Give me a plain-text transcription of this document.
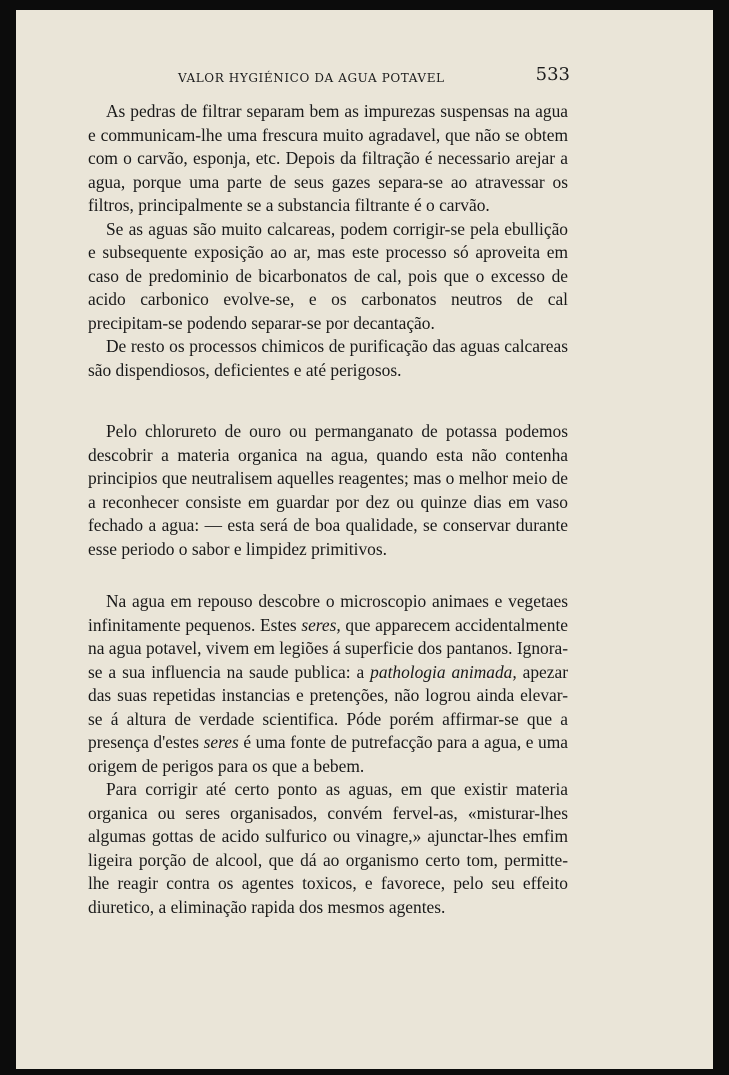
VALOR HYGIÉNICO DA AGUA POTAVEL	533

As pedras de filtrar separam bem as impurezas suspensas na agua e communicam-lhe uma frescura muito agradavel, que não se obtem com o carvão, esponja, etc. Depois da filtração é necessario arejar a agua, porque uma parte de seus gazes separa-se ao atravessar os filtros, principalmente se a substancia filtrante é o carvão.

Se as aguas são muito calcareas, podem corrigir-se pela ebullição e subsequente exposição ao ar, mas este processo só aproveita em caso de predominio de bicarbonatos de cal, pois que o excesso de acido carbonico evolve-se, e os carbonatos neutros de cal precipitam-se podendo separar-se por decantação.

De resto os processos chimicos de purificação das aguas calcareas são dispendiosos, deficientes e até perigosos.

Pelo chlorureto de ouro ou permanganato de potassa podemos descobrir a materia organica na agua, quando esta não contenha principios que neutralisem aquelles reagentes; mas o melhor meio de a reconhecer consiste em guardar por dez ou quinze dias em vaso fechado a agua: — esta será de boa qualidade, se conservar durante esse periodo o sabor e limpidez primitivos.

Na agua em repouso descobre o microscopio animaes e vegetaes infinitamente pequenos. Estes seres, que apparecem accidentalmente na agua potavel, vivem em legiões á superficie dos pantanos. Ignora-se a sua influencia na saude publica: a pathologia animada, apezar das suas repetidas instancias e pretenções, não logrou ainda elevar-se á altura de verdade scientifica. Póde porém affirmar-se que a presença d'estes seres é uma fonte de putrefacção para a agua, e uma origem de perigos para os que a bebem.

Para corrigir até certo ponto as aguas, em que existir materia organica ou seres organisados, convém fervel-as, «misturar-lhes algumas gottas de acido sulfurico ou vinagre,» ajunctar-lhes emfim ligeira porção de alcool, que dá ao organismo certo tom, permitte-lhe reagir contra os agentes toxicos, e favorece, pelo seu effeito diuretico, a eliminação rapida dos mesmos agentes.
